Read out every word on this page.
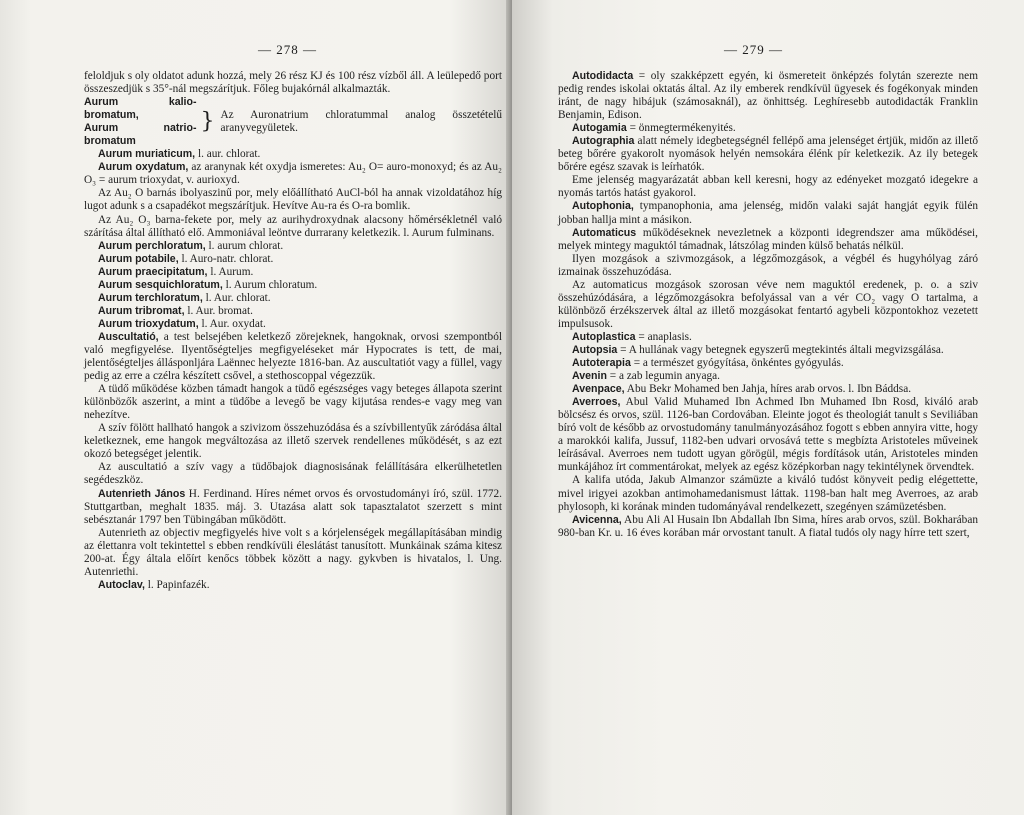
— 278 —

feloldjuk s oly oldatot adunk hozzá, mely 26 rész KJ és 100 rész vízből áll. A leülepedő port összeszedjük s 35°-nál megszárítjuk. Főleg bujakórnál alkalmazták.

Aurum kalio-bromatum,
Aurum natrio-bromatum
} Az Auronatrium chloratummal analog összetételű aranyvegyületek.

Aurum muriaticum, l. aur. chlorat.

Aurum oxydatum, az aranynak két oxydja ismeretes: Au₂ O= auro-monoxyd; és az Au₂ O₃ = aurum trioxydat, v. aurioxyd.

Az Au₂ O barnás ibolyaszinű por, mely előállítható AuCl-ból ha annak vizoldatához híg lugot adunk s a csapadékot megszárítjuk. Hevítve Au-ra és O-ra bomlik.

Az Au₂ O₃ barna-fekete por, mely az aurihydroxydnak alacsony hőmérsékletnél való szárítása által állítható elő. Ammoniával leöntve durrarany keletkezik. l. Aurum fulminans.

Aurum perchloratum, l. aurum chlorat.

Aurum potabile, l. Auro-natr. chlorat.

Aurum praecipitatum, l. Aurum.

Aurum sesquichloratum, l. Aurum chloratum.

Aurum terchloratum, l. Aur. chlorat.

Aurum tribromat, l. Aur. bromat.

Aurum trioxydatum, l. Aur. oxydat.

Auscultatió, a test belsejében keletkező zörejeknek, hangoknak, orvosi szempontból való megfigyelése. Ilyentőségteljes megfigyeléseket már Hypocrates is tett, de mai, jelentőségteljes állásponljára Laënnec helyezte 1816-ban. Az auscultatiót vagy a füllel, vagy pedig az erre a czélra készített csővel, a stethoscoppal végezzük.

A tüdő működése közben támadt hangok a tüdő egészséges vagy beteges állapota szerint különbözők aszerint, a mint a tüdőbe a levegő be vagy kijutása rendes-e vagy meg van nehezítve.

A szív fölött hallható hangok a szivizom összehuzódása és a szívbillentyűk záródása által keletkeznek, eme hangok megváltozása az illető szervek rendellenes működését, s az ezt okozó betegséget jelentik.

Az auscultatió a szív vagy a tüdőbajok diagnosisának felállítására elkerülhetetlen segédeszköz.

Autenrieth János H. Ferdinand. Híres német orvos és orvostudományi író, szül. 1772. Stuttgartban, meghalt 1835. máj. 3. Utazása alatt sok tapasztalatot szerzett s mint sebésztanár 1797 ben Tübingában működött.

Autenrieth az objectiv megfigyelés hive volt s a kórjelenségek megállapításában mindig az élettanra volt tekintettel s ebben rendkívüli éleslátást tanusított. Munkáinak száma kitesz 200-at. Égy általa előírt kenőcs többek között a nagy. gykvben is hivatalos, l. Ung. Autenriethi.

Autoclav, l. Papinfazék.

— 279 —

Autodidacta = oly szakképzett egyén, ki ösmereteit önképzés folytán szerezte nem pedig rendes iskolai oktatás által. Az ily emberek rendkívül ügyesek és fogékonyak minden iránt, de nagy hibájuk (számosaknál), az önhittség. Leghíresebb autodidacták Franklin Benjamin, Edison.

Autogamia = önmegtermékenyités.

Autographia alatt némely idegbetegségnél fellépő ama jelenséget értjük, midőn az illető beteg bőrére gyakorolt nyomások helyén nemsokára élénk pír keletkezik. Az ily betegek bőrére egész szavak is leírhatók.

Eme jelenség magyarázatát abban kell keresni, hogy az edényeket mozgató idegekre a nyomás tartós hatást gyakorol.

Autophonia, tympanophonia, ama jelenség, midőn valaki saját hangját egyik fülén jobban hallja mint a másikon.

Automaticus működéseknek nevezletnek a központi idegrendszer ama működései, melyek mintegy maguktól támadnak, látszólag minden külső behatás nélkül.

Ilyen mozgások a szivmozgások, a légzőmozgások, a végbél és hugyhólyag záró izmainak összehuzódása.

Az automaticus mozgások szorosan véve nem maguktól eredenek, p. o. a sziv összehúzódására, a légzőmozgásokra befolyással van a vér CO₂ vagy O tartalma, a különböző érzékszervek által az illető mozgásokat fentartó agybeli központokhoz vezetett impulsusok.

Autoplastica = anaplasis.

Autopsia = A hullának vagy betegnek egyszerű megtekintés általi megvizsgálása.

Autoterapia = a természet gyógyítása, önkéntes gyógyulás.

Avenin = a zab legumin anyaga.

Avenpace, Abu Bekr Mohamed ben Jahja, híres arab orvos. l. Ibn Báddsa.

Averroes, Abul Valid Muhamed Ibn Achmed Ibn Muhamed Ibn Rosd, kiváló arab bölcsész és orvos, szül. 1126-ban Cordovában. Eleinte jogot és theologiát tanult s Seviliában bíró volt de később az orvostudomány tanulmányozásához fogott s ebben annyira vitte, hogy a marokkói kalifa, Jussuf, 1182-ben udvari orvosává tette s megbízta Aristoteles műveinek leírásával. Averroes nem tudott ugyan görögül, mégis fordítások után, Aristoteles minden munkájához írt commentárokat, melyek az egész középkorban nagy tekintélynek örvendtek.

A kalifa utóda, Jakub Almanzor számüzte a kiváló tudóst könyveit pedig elégettette, mivel irigyei azokban antimohamedanismust láttak. 1198-ban halt meg Averroes, az arab phylosoph, ki korának minden tudományával rendelkezett, szegényen számüzetésben.

Avicenna, Abu Ali Al Husain Ibn Abdallah Ibn Sima, híres arab orvos, szül. Bokharában 980-ban Kr. u. 16 éves korában már orvostant tanult. A fiatal tudós oly nagy hírre tett szert,
